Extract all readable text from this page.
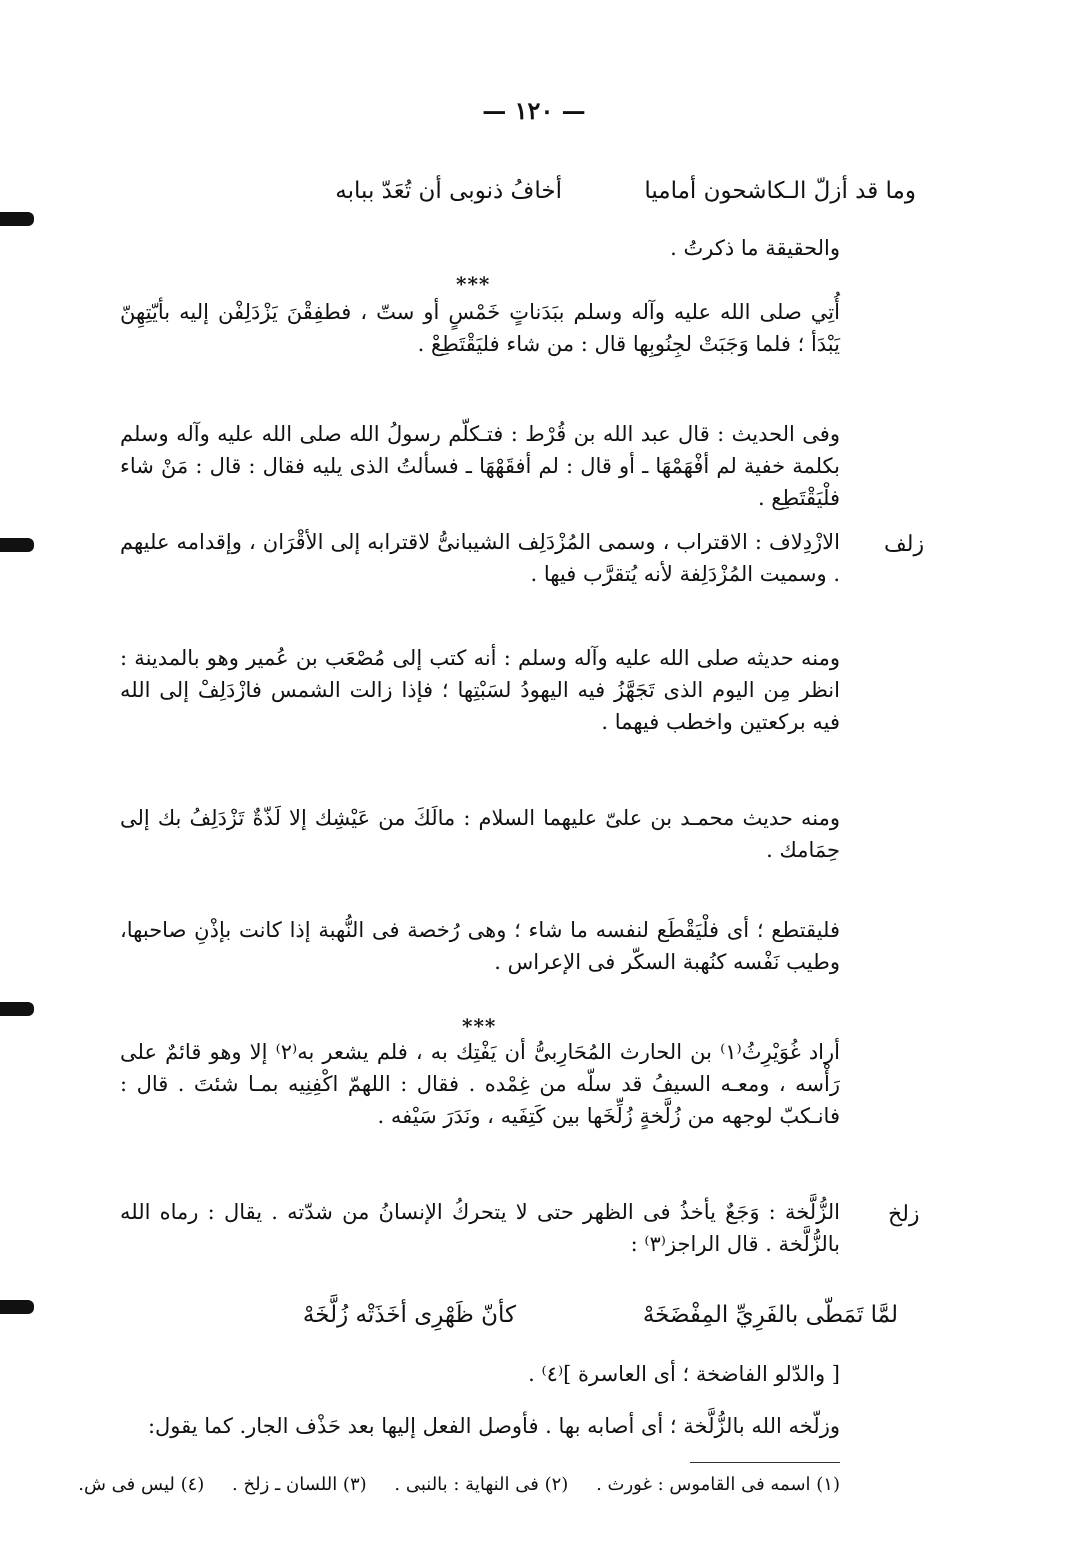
— ١٢٠ —
أخافُ ذنوبى أن تُعَدّ ببابه	وما قد أزلّ الـكاشحون أماميا
والحقيقة ما ذكرتُ .
***
أُتِي صلى الله عليه وآله وسلم ببَدَناتٍ خَمْسٍ أو ستّ ، فطفِقْنَ يَزْدَلِفْن إليه بأيّتِهِنّ يَبْدَأ ؛ فلما وَجَبَتْ لجِنُوبِها قال : من شاء فليَقْتَطِعْ .
وفى الحديث : قال عبد الله بن قُرْط : فتـكلّم رسولُ الله صلى الله عليه وآله وسلم بكلمة خفية لم أفْهَمْهَا ـ أو قال : لم أفقَهْهَا ـ فسألتُ الذى يليه فقال : قال : مَنْ شاء فلْيَقْتَطِع .
زلف
الازْدِلاف : الاقتراب ، وسمى المُزْدَلِف الشيبانىُّ لاقترابه إلى الأقْرَان ، وإقدامه عليهم . وسميت المُزْدَلِفة لأنه يُتقرَّب فيها .
ومنه حديثه صلى الله عليه وآله وسلم : أنه كتب إلى مُصْعَب بن عُمير وهو بالمدينة : انظر مِن اليوم الذى تَجَهَّزُ فيه اليهودُ لسَبْتِها ؛ فإذا زالت الشمس فازْدَلِفْ إلى الله فيه بركعتين واخطب فيهما .
ومنه حديث محمـد بن علىّ عليهما السلام : مالَكَ من عَيْشِك إلا لَذّةٌ تَزْدَلِفُ بك إلى حِمَامك .
فليقتطع ؛ أى فلْيَقْطَع لنفسه ما شاء ؛ وهى رُخصة فى النُّهبة إذا كانت بإذْنِ صاحبها، وطيب نَفْسه كنُهبة السكّر فى الإعراس .
***
أراد غُوَيْرِثُ⁽١⁾ بن الحارث المُحَارِبىُّ أن يَفْتِك به ، فلم يشعر به⁽٢⁾ إلا وهو قائمٌ على رَأْسه ، ومعـه السيفُ قد سلّه من غِمْده . فقال : اللهمّ اكْفِنِيه بمـا شئتَ . قال : فانـكبّ لوجهه من زُلَّخةٍ زُلِّخَها بين كَتِفَيه ، ونَدَرَ سَيْفه .
زلخ
الزُّلَّخة : وَجَعٌ يأخذُ فى الظهر حتى لا يتحركُ الإنسانُ من شدّته . يقال : رماه الله بالزُّلَّخة . قال الراجز⁽٣⁾ :
كأنّ ظَهْرِى أخَذَتْه زُلَّخَهْ	لمَّا تَمَطّى بالفَرِيِّ المِفْضَخَهْ
[ والدّلو الفاضخة ؛ أى العاسرة ]⁽٤⁾ .
وزلّخه الله بالزُّلَّخة ؛ أى أصابه بها . فأوصل الفعل إليها بعد حَذْف الجار. كما يقول:
(١) اسمه فى القاموس : غورث . (٢) فى النهاية : بالنبى . (٣) اللسان ـ زلخ . (٤) ليس فى ش.
